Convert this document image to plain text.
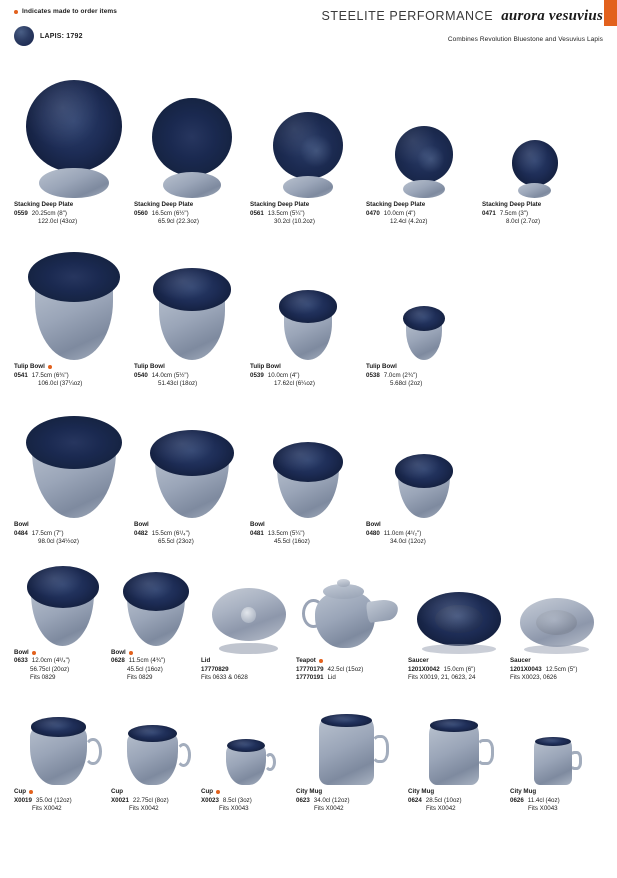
Indicates made to order items
LAPIS: 1792
STEELITE PERFORMANCE aurora vesuvius
Combines Revolution Bluestone and Vesuvius Lapis
Stacking Deep Plate
0559 20.25cm (8")
122.0cl (43oz)
Stacking Deep Plate
0560 16.5cm (6½")
65.9cl (22.3oz)
Stacking Deep Plate
0561 13.5cm (5¼")
30.2cl (10.2oz)
Stacking Deep Plate
0470 10.0cm (4")
12.4cl (4.2oz)
Stacking Deep Plate
0471 7.5cm (3")
8.0cl (2.7oz)
Tulip Bowl
0541 17.5cm (6¾")
106.0cl (37¼oz)
Tulip Bowl
0540 14.0cm (5½")
51.43cl (18oz)
Tulip Bowl
0539 10.0cm (4")
17.62cl (6¼oz)
Tulip Bowl
0538 7.0cm (2¾")
5.68cl (2oz)
Bowl
0484 17.5cm (7")
98.0cl (34½oz)
Bowl
0482 15.5cm (6¹/₄")
65.5cl (23oz)
Bowl
0481 13.5cm (5¼")
45.5cl (16oz)
Bowl
0480 11.0cm (4¹/₂")
34.0cl (12oz)
Bowl
0633 12.0cm (4³/₄")
56.75cl (20oz)
Fits 0829
Bowl
0628 11.5cm (4¾")
45.5cl (16oz)
Fits 0829
Lid
17770829
Fits 0633 & 0628
Teapot
17770179 42.5cl (15oz)
17770191 Lid
Saucer
1201X0042 15.0cm (6")
Fits X0019, 21, 0623, 24
Saucer
1201X0043 12.5cm (5")
Fits X0023, 0626
Cup
X0019 35.0cl (12oz)
Fits X0042
Cup
X0021 22.75cl (8oz)
Fits X0042
Cup
X0023 8.5cl (3oz)
Fits X0043
City Mug
0623 34.0cl (12oz)
Fits X0042
City Mug
0624 28.5cl (10oz)
Fits X0042
City Mug
0626 11.4cl (4oz)
Fits X0043
